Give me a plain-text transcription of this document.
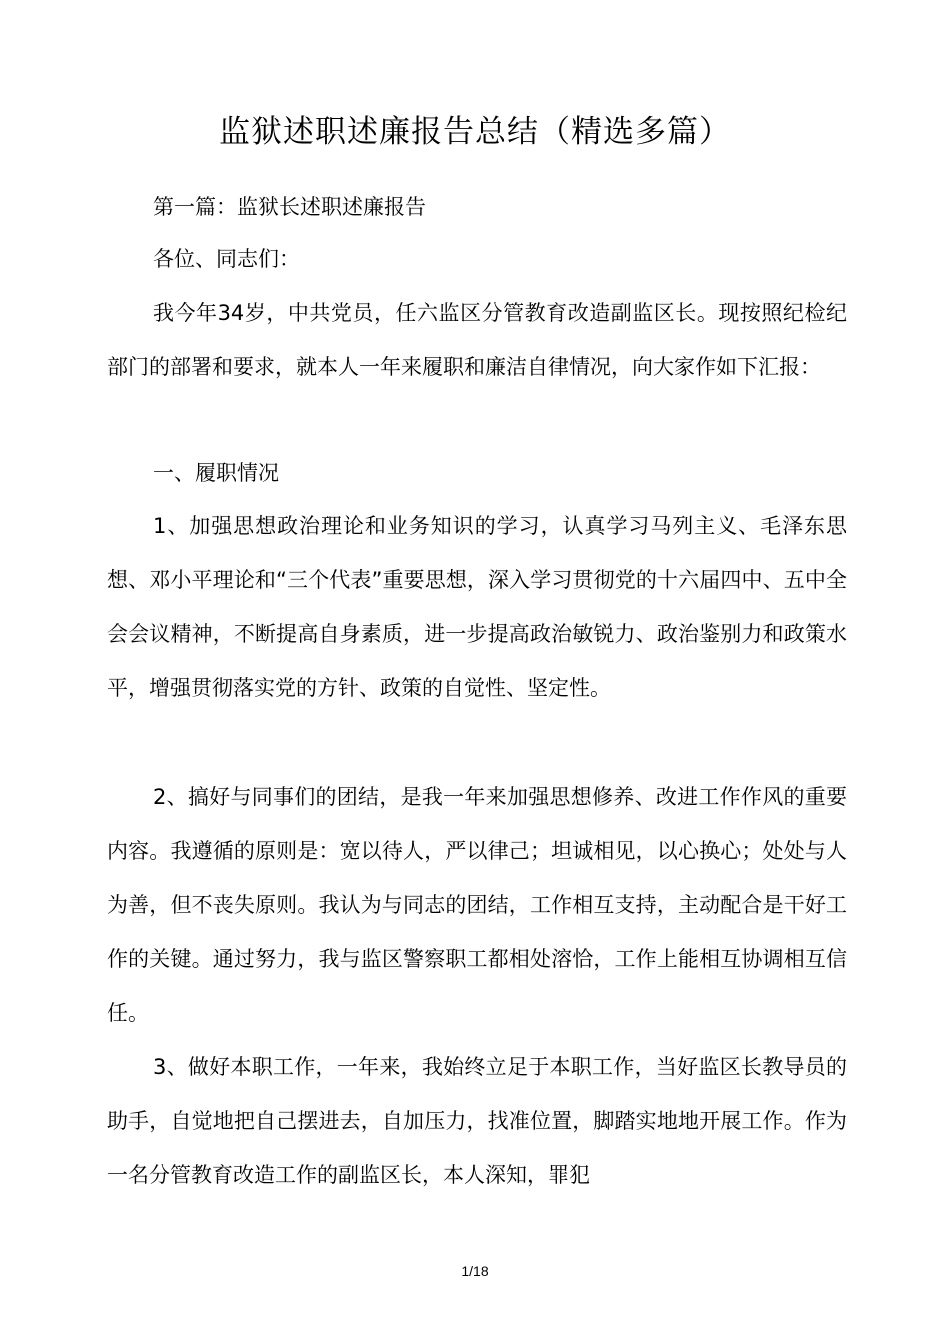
监狱述职述廉报告总结（精选多篇）

第一篇：监狱长述职述廉报告

各位、同志们：

我今年34岁，中共党员，任六监区分管教育改造副监区长。现按照纪检纪部门的部署和要求，就本人一年来履职和廉洁自律情况，向大家作如下汇报：

一、履职情况

1、加强思想政治理论和业务知识的学习，认真学习马列主义、毛泽东思想、邓小平理论和“三个代表”重要思想，深入学习贯彻党的十六届四中、五中全会会议精神，不断提高自身素质，进一步提高政治敏锐力、政治鉴别力和政策水平，增强贯彻落实党的方针、政策的自觉性、坚定性。

2、搞好与同事们的团结，是我一年来加强思想修养、改进工作作风的重要内容。我遵循的原则是：宽以待人，严以律己；坦诚相见，以心换心；处处与人为善，但不丧失原则。我认为与同志的团结，工作相互支持，主动配合是干好工作的关键。通过努力，我与监区警察职工都相处溶恰，工作上能相互协调相互信任。

3、做好本职工作，一年来，我始终立足于本职工作，当好监区长教导员的助手，自觉地把自己摆进去，自加压力，找准位置，脚踏实地地开展工作。作为一名分管教育改造工作的副监区长，本人深知，罪犯

1/18
